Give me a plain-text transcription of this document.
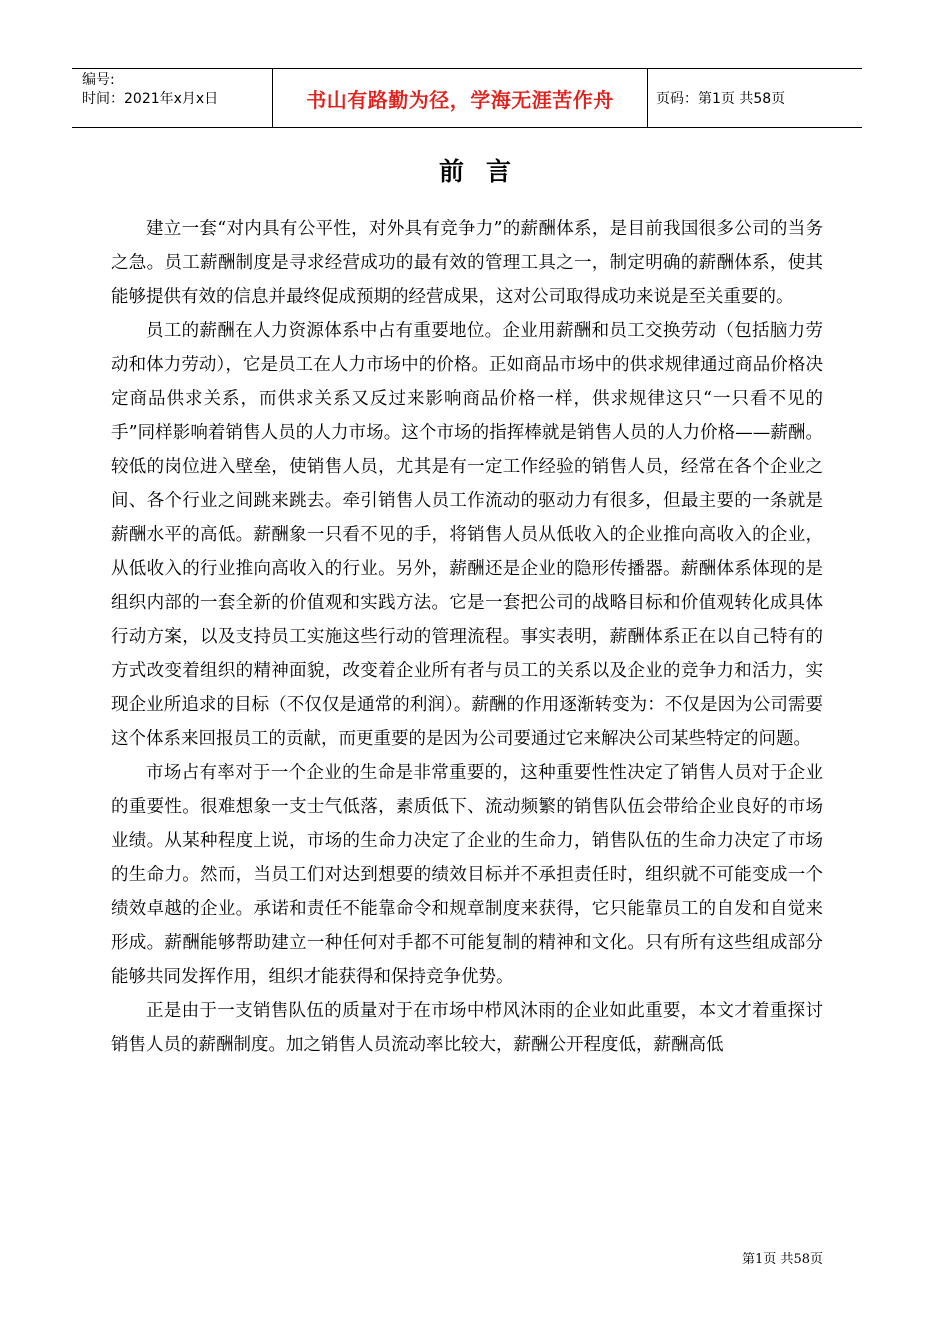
编号:
时间：2021年x月x日	书山有路勤为径，学海无涯苦作舟	页码：第1页 共58页
前言

建立一套“对内具有公平性，对外具有竞争力”的薪酬体系，是目前我国很多公司的当务之急。员工薪酬制度是寻求经营成功的最有效的管理工具之一，制定明确的薪酬体系，使其能够提供有效的信息并最终促成预期的经营成果，这对公司取得成功来说是至关重要的。

员工的薪酬在人力资源体系中占有重要地位。企业用薪酬和员工交换劳动（包括脑力劳动和体力劳动），它是员工在人力市场中的价格。正如商品市场中的供求规律通过商品价格决定商品供求关系，而供求关系又反过来影响商品价格一样，供求规律这只“一只看不见的手”同样影响着销售人员的人力市场。这个市场的指挥棒就是销售人员的人力价格——薪酬。较低的岗位进入壁垒，使销售人员，尤其是有一定工作经验的销售人员，经常在各个企业之间、各个行业之间跳来跳去。牵引销售人员工作流动的驱动力有很多，但最主要的一条就是薪酬水平的高低。薪酬象一只看不见的手，将销售人员从低收入的企业推向高收入的企业，从低收入的行业推向高收入的行业。另外，薪酬还是企业的隐形传播器。薪酬体系体现的是组织内部的一套全新的价值观和实践方法。它是一套把公司的战略目标和价值观转化成具体行动方案，以及支持员工实施这些行动的管理流程。事实表明，薪酬体系正在以自己特有的方式改变着组织的精神面貌，改变着企业所有者与员工的关系以及企业的竞争力和活力，实现企业所追求的目标（不仅仅是通常的利润）。薪酬的作用逐渐转变为：不仅是因为公司需要这个体系来回报员工的贡献，而更重要的是因为公司要通过它来解决公司某些特定的问题。

市场占有率对于一个企业的生命是非常重要的，这种重要性性决定了销售人员对于企业的重要性。很难想象一支士气低落，素质低下、流动频繁的销售队伍会带给企业良好的市场业绩。从某种程度上说，市场的生命力决定了企业的生命力，销售队伍的生命力决定了市场的生命力。然而，当员工们对达到想要的绩效目标并不承担责任时，组织就不可能变成一个绩效卓越的企业。承诺和责任不能靠命令和规章制度来获得，它只能靠员工的自发和自觉来形成。薪酬能够帮助建立一种任何对手都不可能复制的精神和文化。只有所有这些组成部分能够共同发挥作用，组织才能获得和保持竞争优势。

正是由于一支销售队伍的质量对于在市场中栉风沐雨的企业如此重要，本文才着重探讨销售人员的薪酬制度。加之销售人员流动率比较大，薪酬公开程度低，薪酬高低

第1页 共58页
